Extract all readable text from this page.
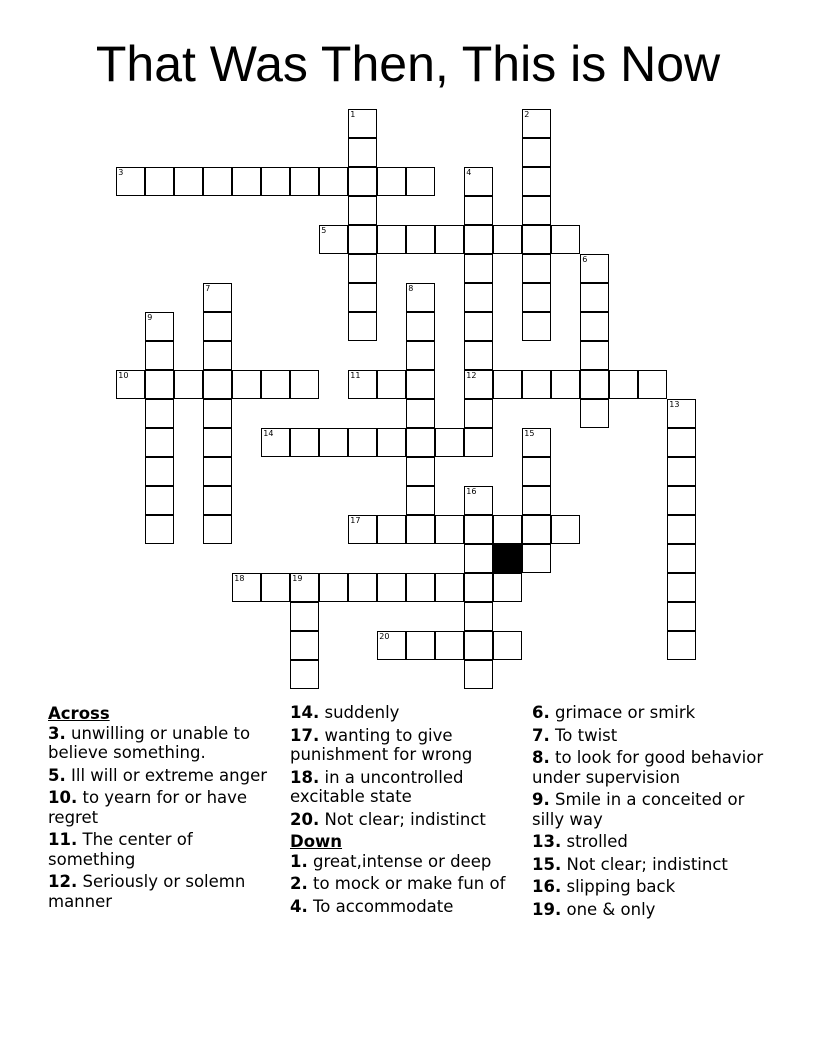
That Was Then, This is Now
1	2
3	4
12
5
6
7	8
9
10	11
13
14	15
16
17
18	19
20
Across
3. unwilling or unable to believe something.
5. Ill will or extreme anger
10. to yearn for or have regret
11. The center of something
12. Seriously or solemn manner
14. suddenly
17. wanting to give punishment for wrong
18. in a uncontrolled excitable state
20. Not clear; indistinct
Down
1. great,intense or deep
2. to mock or make fun of
4. To accommodate
6. grimace or smirk
7. To twist
8. to look for good behavior under supervision
9. Smile in a conceited or silly way
13. strolled
15. Not clear; indistinct
16. slipping back
19. one & only
